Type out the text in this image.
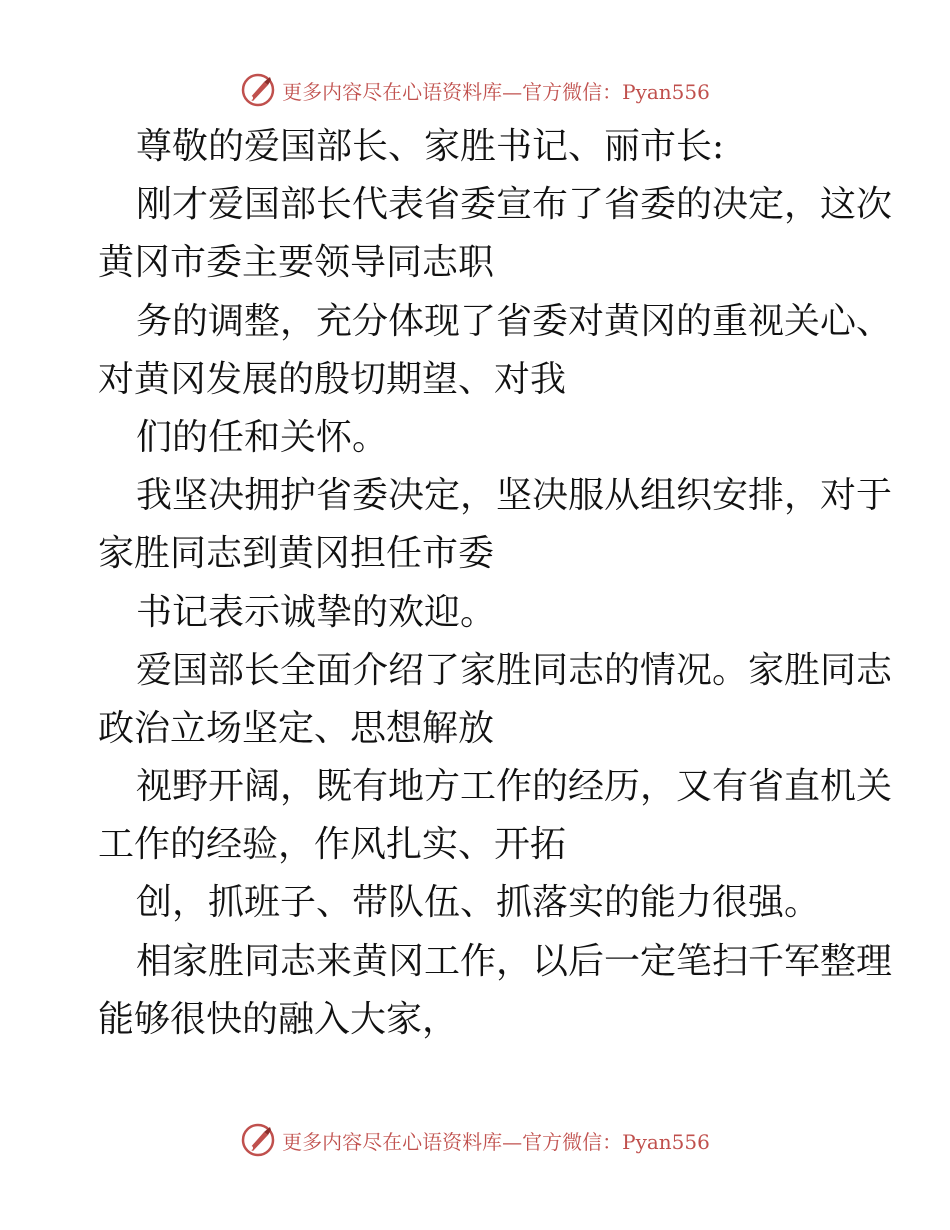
更多内容尽在心语资料库—官方微信：Pyan556
尊敬的爱国部长、家胜书记、丽市长:
刚才爱国部长代表省委宣布了省委的决定，这次
黄冈市委主要领导同志职
务的调整，充分体现了省委对黄冈的重视关心、
对黄冈发展的殷切期望、对我
们的任和关怀。
我坚决拥护省委决定，坚决服从组织安排，对于
家胜同志到黄冈担任市委
书记表示诚挚的欢迎。
爱国部长全面介绍了家胜同志的情况。家胜同志
政治立场坚定、思想解放
视野开阔，既有地方工作的经历，又有省直机关
工作的经验，作风扎实、开拓
创，抓班子、带队伍、抓落实的能力很强。
相家胜同志来黄冈工作，以后一定笔扫千军整理
能够很快的融入大家，
更多内容尽在心语资料库—官方微信：Pyan556
